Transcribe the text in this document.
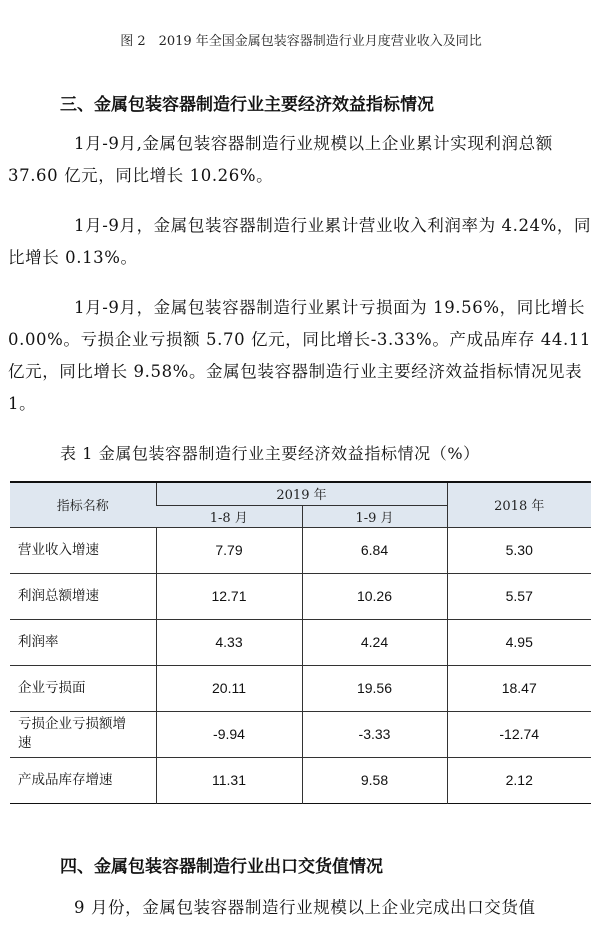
图 2　2019 年全国金属包装容器制造行业月度营业收入及同比
三、金属包装容器制造行业主要经济效益指标情况

1月-9月,金属包装容器制造行业规模以上企业累计实现利润总额 37.60 亿元，同比增长 10.26%。

1月-9月，金属包装容器制造行业累计营业收入利润率为 4.24%，同比增长 0.13%。

1月-9月，金属包装容器制造行业累计亏损面为 19.56%，同比增长 0.00%。亏损企业亏损额 5.70 亿元，同比增长-3.33%。产成品库存 44.11 亿元，同比增长 9.58%。金属包装容器制造行业主要经济效益指标情况见表 1。

表 1 金属包装容器制造行业主要经济效益指标情况（%）
指标名称	2019 年		2018 年
	1-8 月	1-9 月	
营业收入增速	7.79	6.84	5.30
利润总额增速	12.71	10.26	5.57
利润率	4.33	4.24	4.95
企业亏损面	20.11	19.56	18.47
亏损企业亏损额增速	-9.94	-3.33	-12.74
产成品库存增速	11.31	9.58	2.12
四、金属包装容器制造行业出口交货值情况

9 月份，金属包装容器制造行业规模以上企业完成出口交货值
